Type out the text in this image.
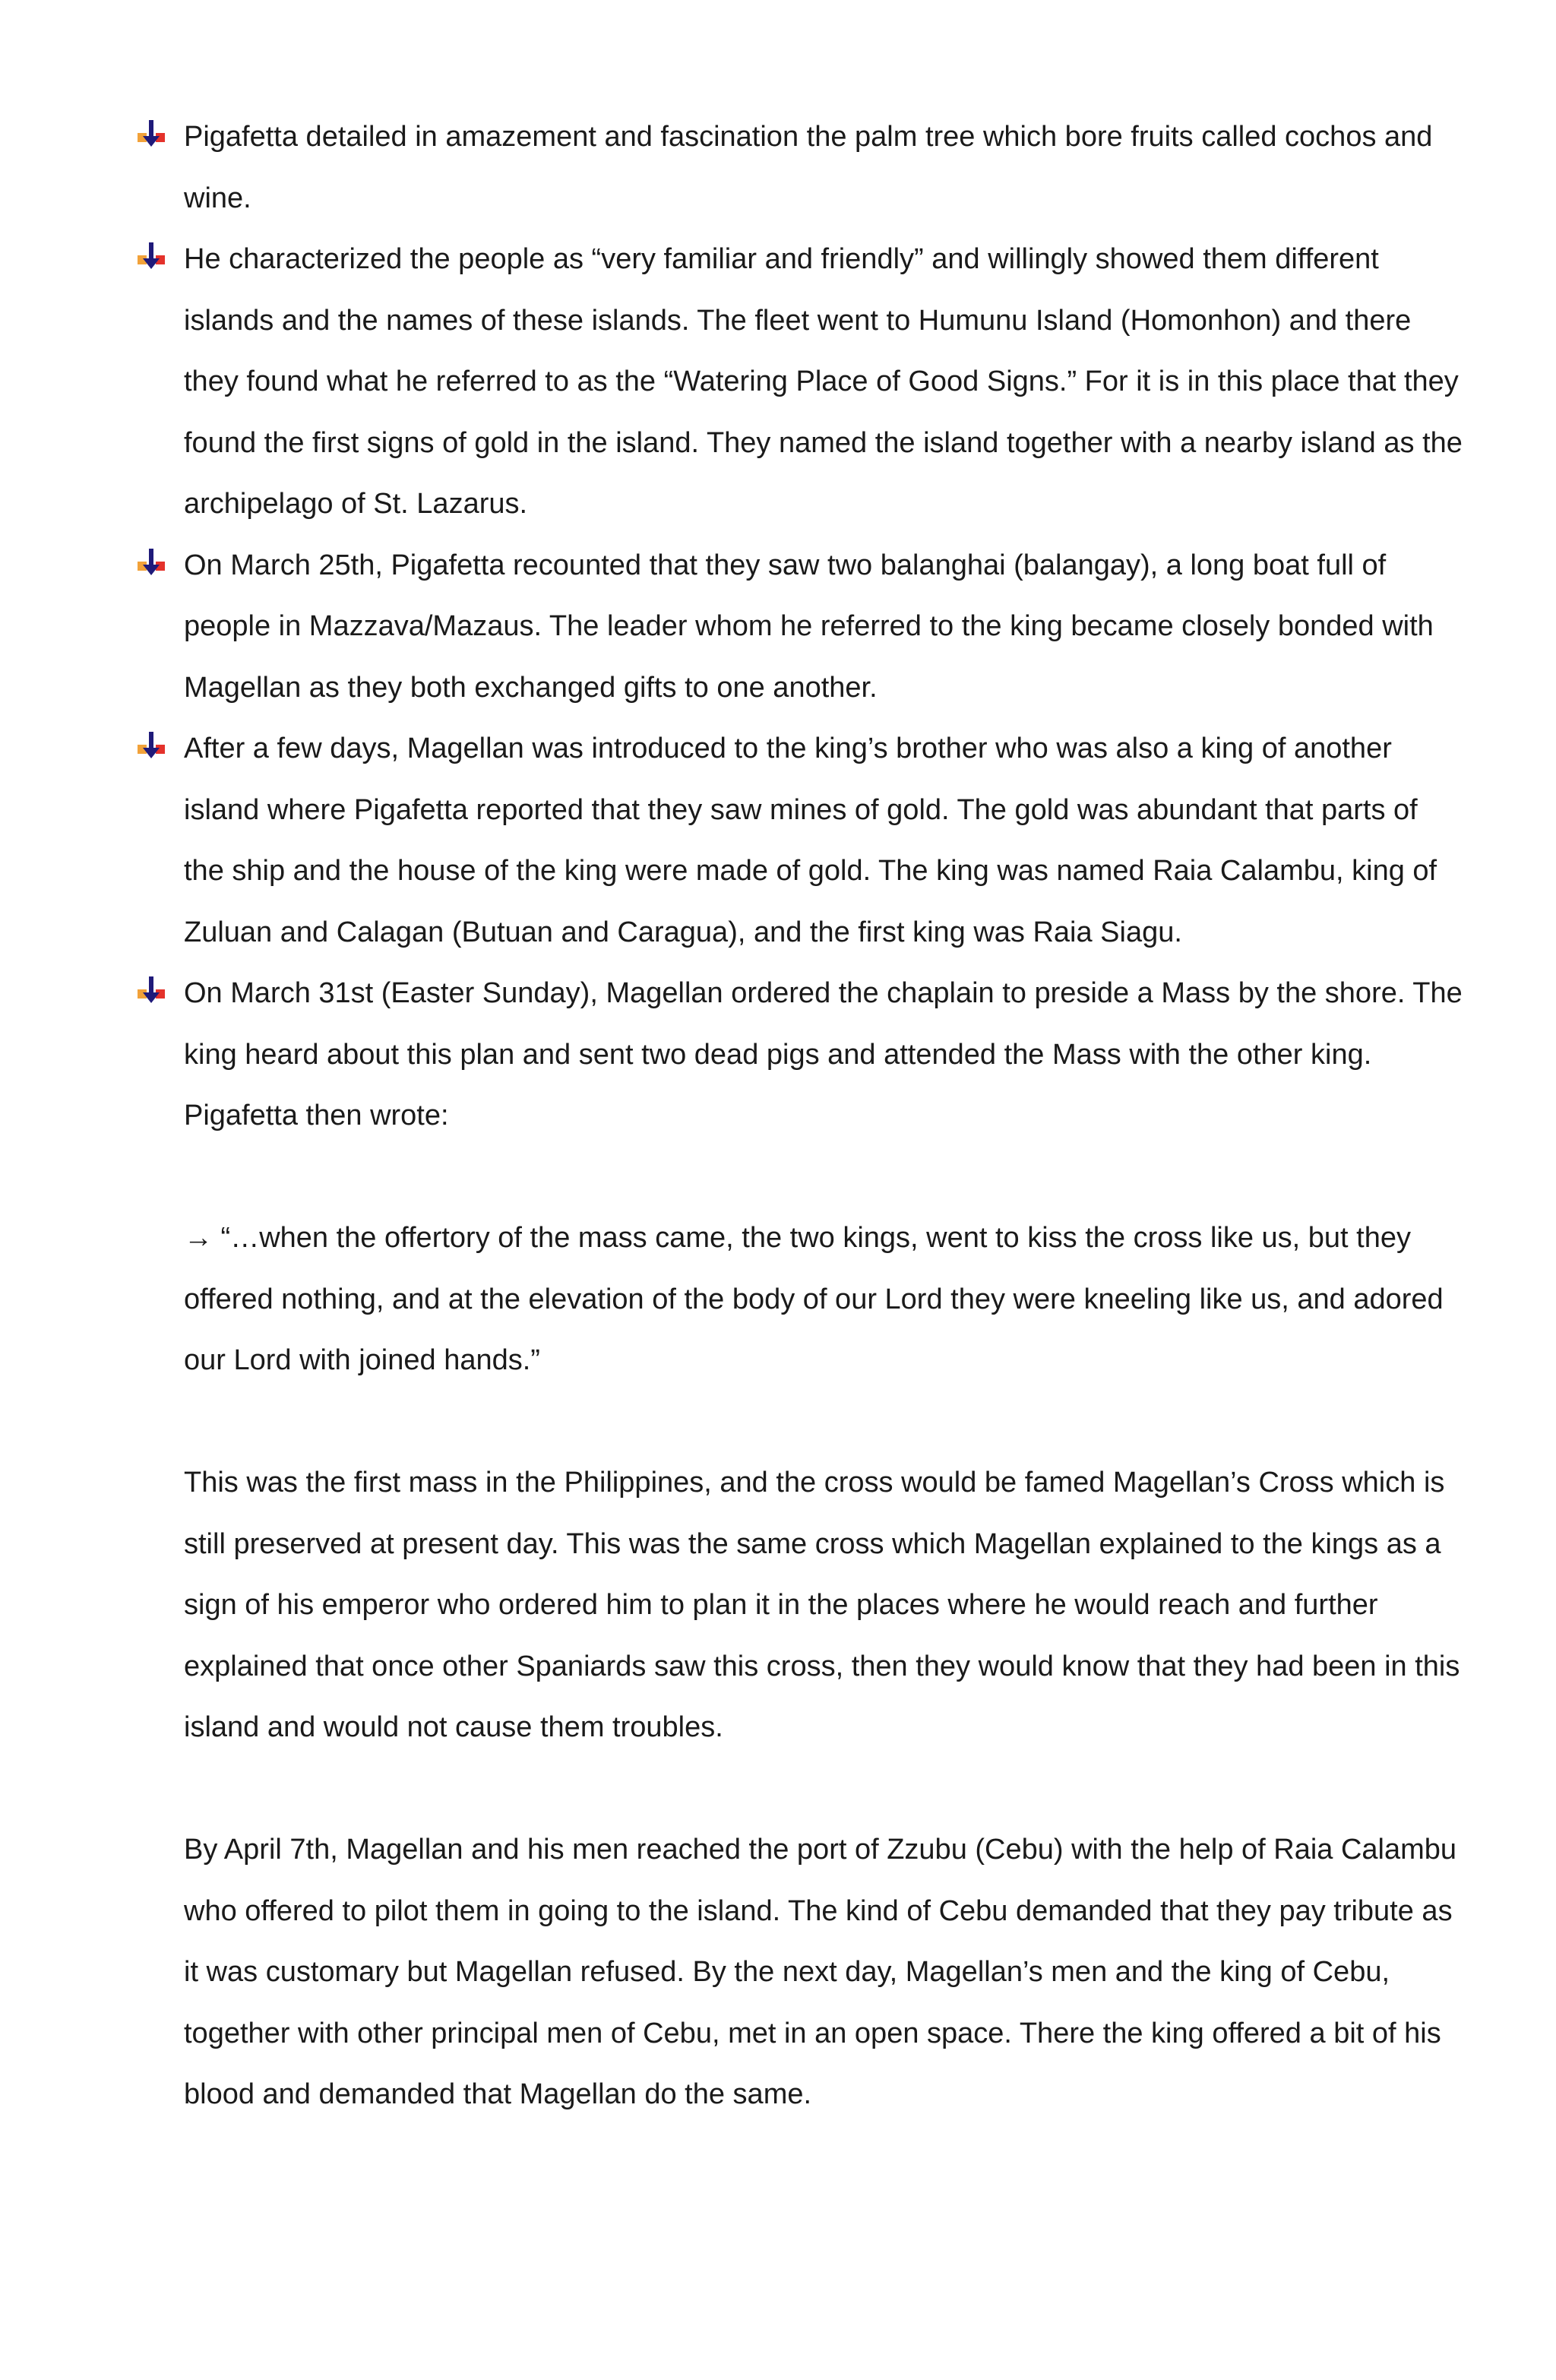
Pigafetta detailed in amazement and fascination the palm tree which bore fruits called cochos and wine.
He characterized the people as “very familiar and friendly” and willingly showed them different islands and the names of these islands. The fleet went to Humunu Island (Homonhon) and there they found what he referred to as the “Watering Place of Good Signs.” For it is in this place that they found the first signs of gold in the island. They named the island together with a nearby island as the archipelago of St. Lazarus.
On March 25th, Pigafetta recounted that they saw two balanghai (balangay), a long boat full of people in Mazzava/Mazaus. The leader whom he referred to the king became closely bonded with Magellan as they both exchanged gifts to one another.
After a few days, Magellan was introduced to the king’s brother who was also a king of another island where Pigafetta reported that they saw mines of gold. The gold was abundant that parts of the ship and the house of the king were made of gold. The king was named Raia Calambu, king of Zuluan and Calagan (Butuan and Caragua), and the first king was Raia Siagu.
On March 31st (Easter Sunday), Magellan ordered the chaplain to preside a Mass by the shore. The king heard about this plan and sent two dead pigs and attended the Mass with the other king. Pigafetta then wrote:

→ “…when the offertory of the mass came, the two kings, went to kiss the cross like us, but they offered nothing, and at the elevation of the body of our Lord they were kneeling like us, and adored our Lord with joined hands.”

This was the first mass in the Philippines, and the cross would be famed Magellan’s Cross which is still preserved at present day. This was the same cross which Magellan explained to the kings as a sign of his emperor who ordered him to plan it in the places where he would reach and further explained that once other Spaniards saw this cross, then they would know that they had been in this island and would not cause them troubles.

By April 7th, Magellan and his men reached the port of Zzubu (Cebu) with the help of Raia Calambu who offered to pilot them in going to the island. The kind of Cebu demanded that they pay tribute as it was customary but Magellan refused. By the next day, Magellan’s men and the king of Cebu, together with other principal men of Cebu, met in an open space. There the king offered a bit of his blood and demanded that Magellan do the same.
